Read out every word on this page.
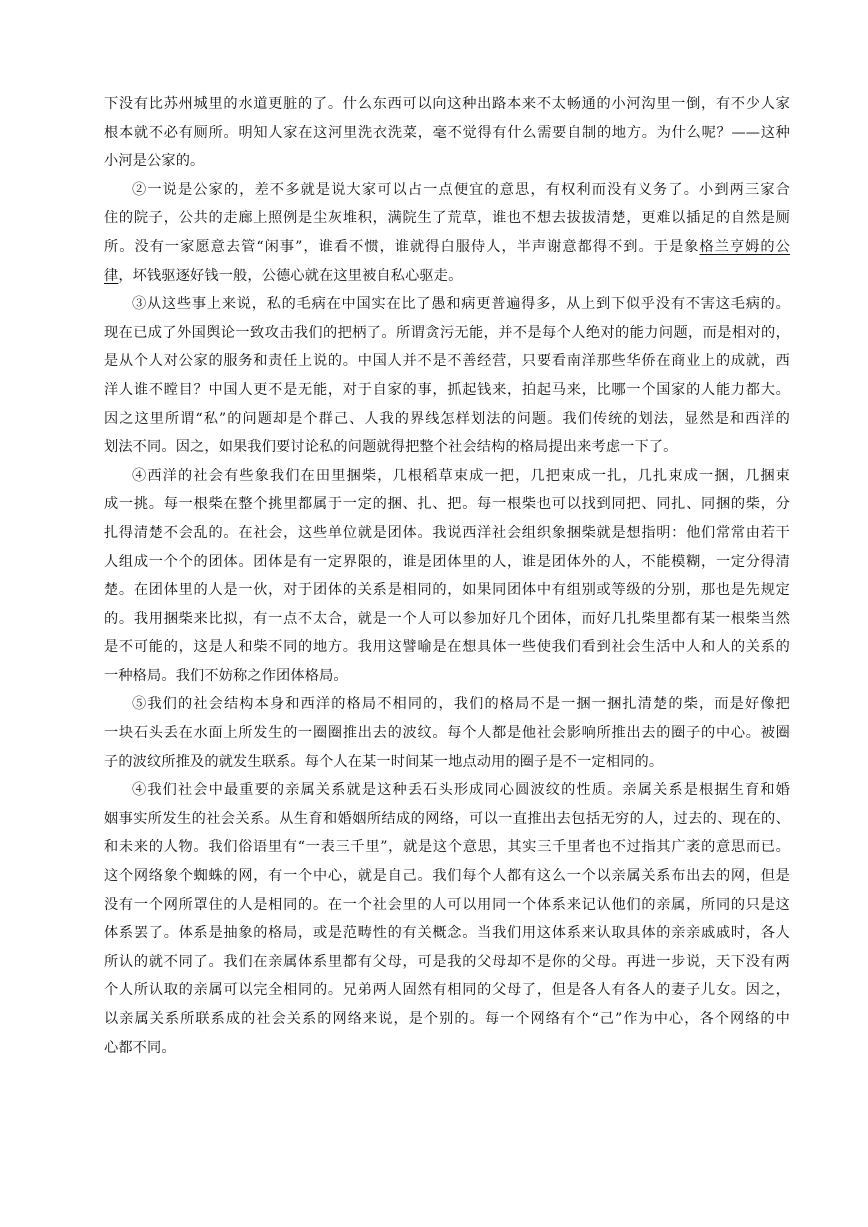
下没有比苏州城里的水道更脏的了。什么东西可以向这种出路本来不太畅通的小河沟里一倒，有不少人家
根本就不必有厕所。明知人家在这河里洗衣洗菜，毫不觉得有什么需要自制的地方。为什么呢？——这种
小河是公家的。

②一说是公家的，差不多就是说大家可以占一点便宜的意思，有权利而没有义务了。小到两三家合
住的院子，公共的走廊上照例是尘灰堆积，满院生了荒草，谁也不想去拔拔清楚，更难以插足的自然是厕
所。没有一家愿意去管“闲事”，谁看不惯，谁就得白服侍人，半声谢意都得不到。于是象格兰亨姆的公
律，坏钱驱逐好钱一般，公德心就在这里被自私心驱走。

③从这些事上来说，私的毛病在中国实在比了愚和病更普遍得多，从上到下似乎没有不害这毛病的。
现在已成了外国舆论一致攻击我们的把柄了。所谓贪污无能，并不是每个人绝对的能力问题，而是相对的，
是从个人对公家的服务和责任上说的。中国人并不是不善经营，只要看南洋那些华侨在商业上的成就，西
洋人谁不瞠目？中国人更不是无能，对于自家的事，抓起钱来，拍起马来，比哪一个国家的人能力都大。
因之这里所谓“私”的问题却是个群己、人我的界线怎样划法的问题。我们传统的划法，显然是和西洋的
划法不同。因之，如果我们要讨论私的问题就得把整个社会结构的格局提出来考虑一下了。

④西洋的社会有些象我们在田里捆柴，几根稻草束成一把，几把束成一扎，几扎束成一捆，几捆束
成一挑。每一根柴在整个挑里都属于一定的捆、扎、把。每一根柴也可以找到同把、同扎、同捆的柴，分
扎得清楚不会乱的。在社会，这些单位就是团体。我说西洋社会组织象捆柴就是想指明：他们常常由若干
人组成一个个的团体。团体是有一定界限的，谁是团体里的人，谁是团体外的人，不能模糊，一定分得清
楚。在团体里的人是一伙，对于团体的关系是相同的，如果同团体中有组别或等级的分别，那也是先规定
的。我用捆柴来比拟，有一点不太合，就是一个人可以参加好几个团体，而好几扎柴里都有某一根柴当然
是不可能的，这是人和柴不同的地方。我用这譬喻是在想具体一些使我们看到社会生活中人和人的关系的
一种格局。我们不妨称之作团体格局。

⑤我们的社会结构本身和西洋的格局不相同的，我们的格局不是一捆一捆扎清楚的柴，而是好像把
一块石头丢在水面上所发生的一圈圈推出去的波纹。每个人都是他社会影响所推出去的圈子的中心。被圈
子的波纹所推及的就发生联系。每个人在某一时间某一地点动用的圈子是不一定相同的。

④我们社会中最重要的亲属关系就是这种丢石头形成同心圆波纹的性质。亲属关系是根据生育和婚
姻事实所发生的社会关系。从生育和婚姻所结成的网络，可以一直推出去包括无穷的人，过去的、现在的、
和未来的人物。我们俗语里有“一表三千里”，就是这个意思，其实三千里者也不过指其广袤的意思而已。
这个网络象个蜘蛛的网，有一个中心，就是自己。我们每个人都有这么一个以亲属关系布出去的网，但是
没有一个网所罩住的人是相同的。在一个社会里的人可以用同一个体系来记认他们的亲属，所同的只是这
体系罢了。体系是抽象的格局，或是范畴性的有关概念。当我们用这体系来认取具体的亲亲戚戚时，各人
所认的就不同了。我们在亲属体系里都有父母，可是我的父母却不是你的父母。再进一步说，天下没有两
个人所认取的亲属可以完全相同的。兄弟两人固然有相同的父母了，但是各人有各人的妻子儿女。因之，
以亲属关系所联系成的社会关系的网络来说，是个别的。每一个网络有个“己”作为中心，各个网络的中
心都不同。
